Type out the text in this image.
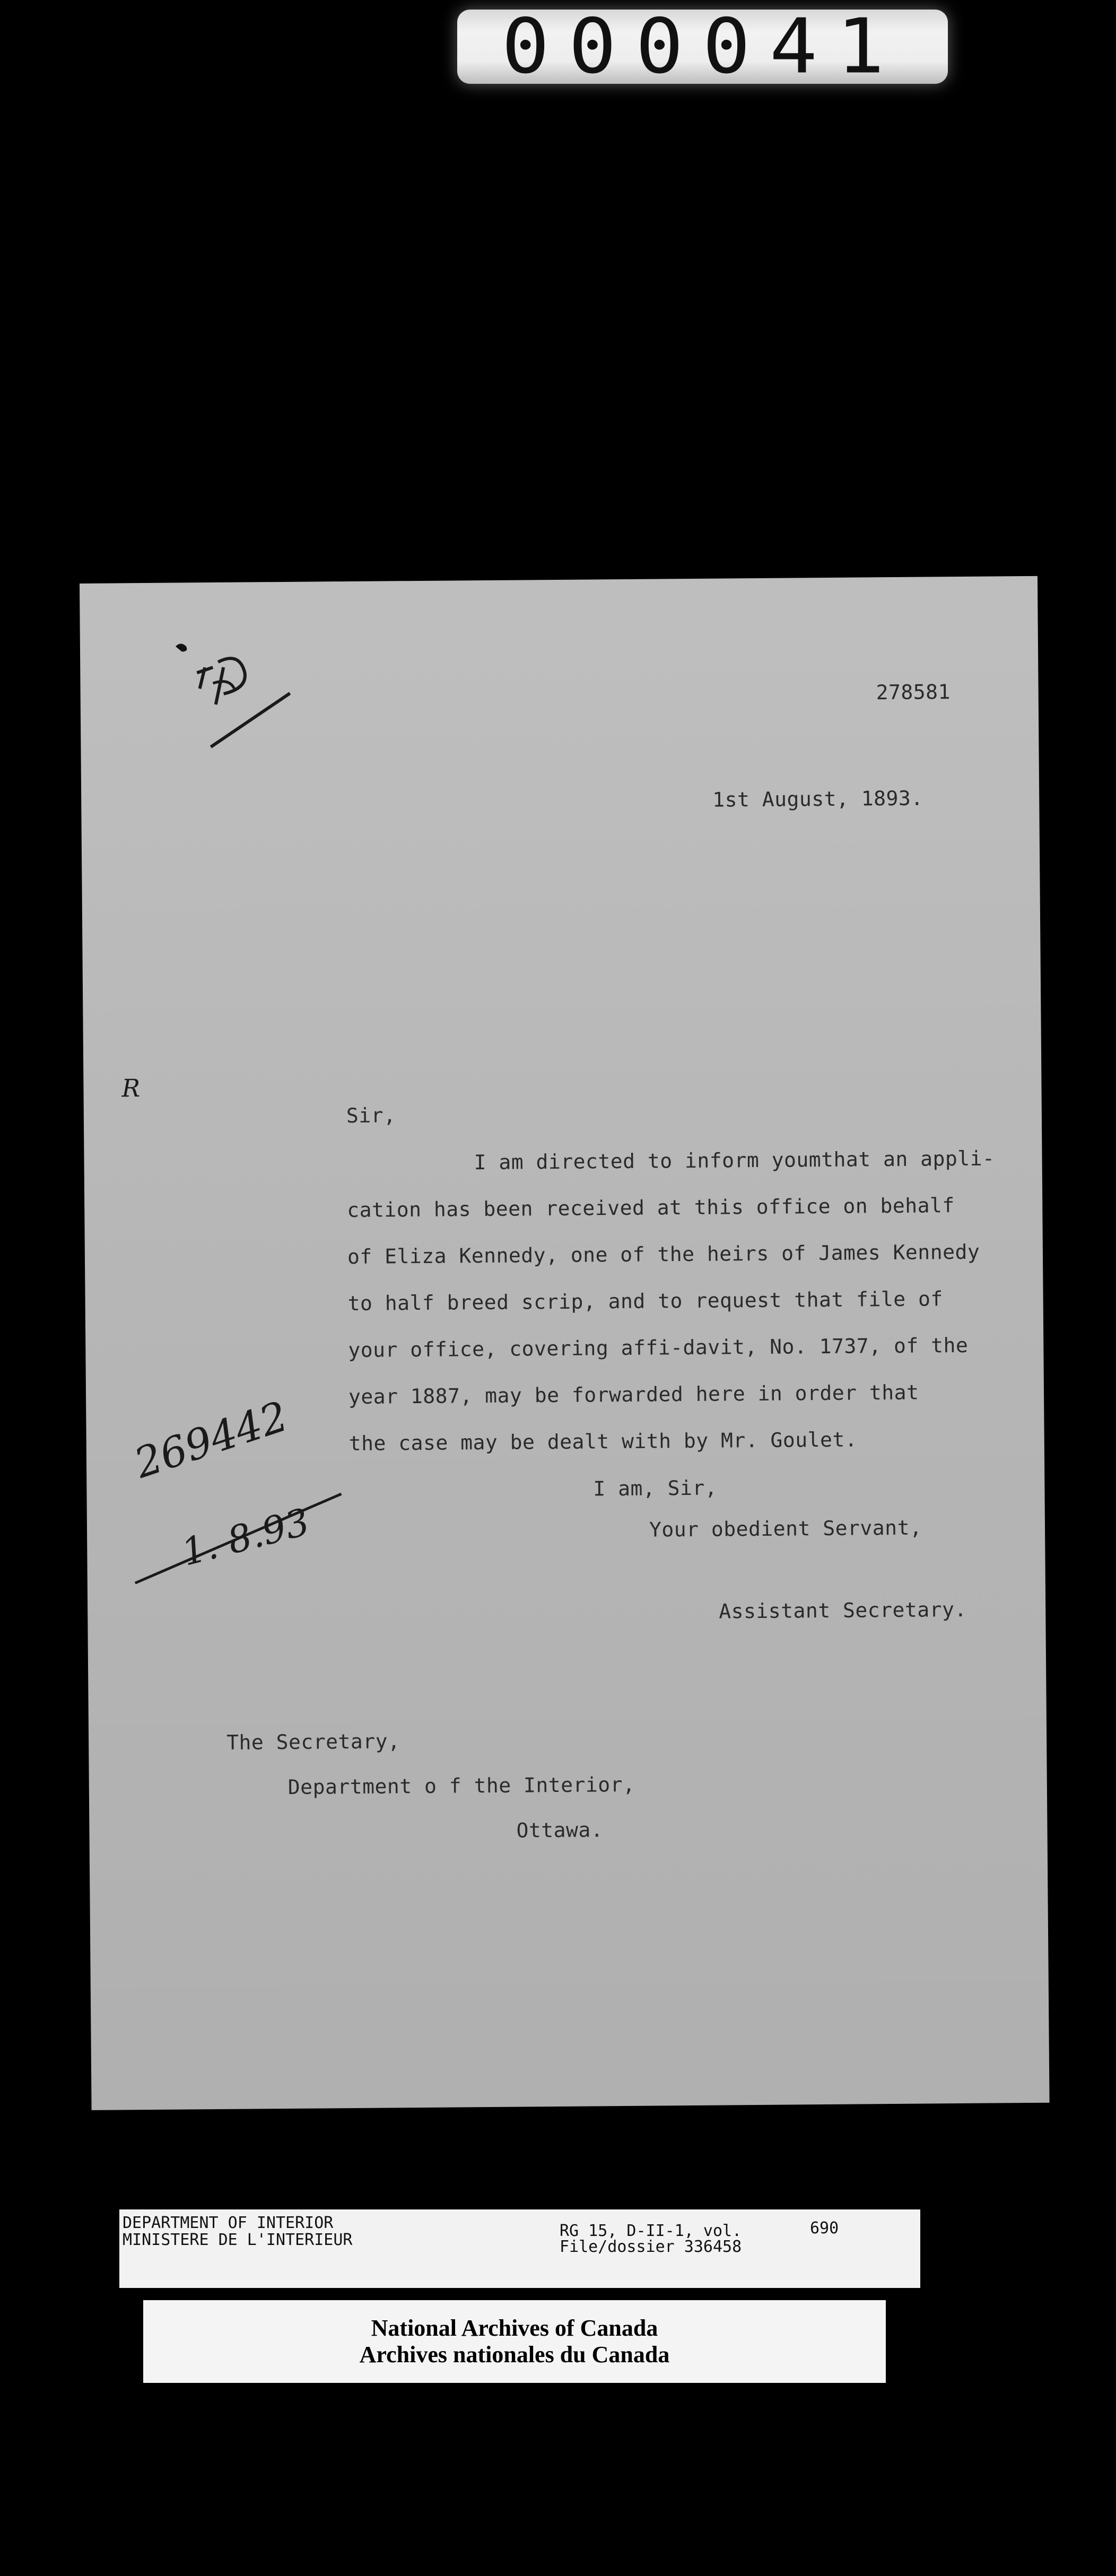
000041
278581
1st August, 1893.
R
Sir,
I am directed to inform youmthat an appli-
cation has been received at this office on behalf
of Eliza Kennedy, one of the heirs of James Kennedy
to half breed scrip, and to request that file of
your office, covering affi-davit, No. 1737, of the
year 1887, may be forwarded here in order that
the case may be dealt with by Mr. Goulet.
I am, Sir,
Your obedient Servant,
269442
1. 8.93
Assistant Secretary.
The Secretary,
Department o f the Interior,
Ottawa.
DEPARTMENT OF INTERIOR
MINISTERE DE L'INTERIEUR	RG 15, D-II-1, vol.
File/dossier 336458
690
National Archives of Canada
Archives nationales du Canada
